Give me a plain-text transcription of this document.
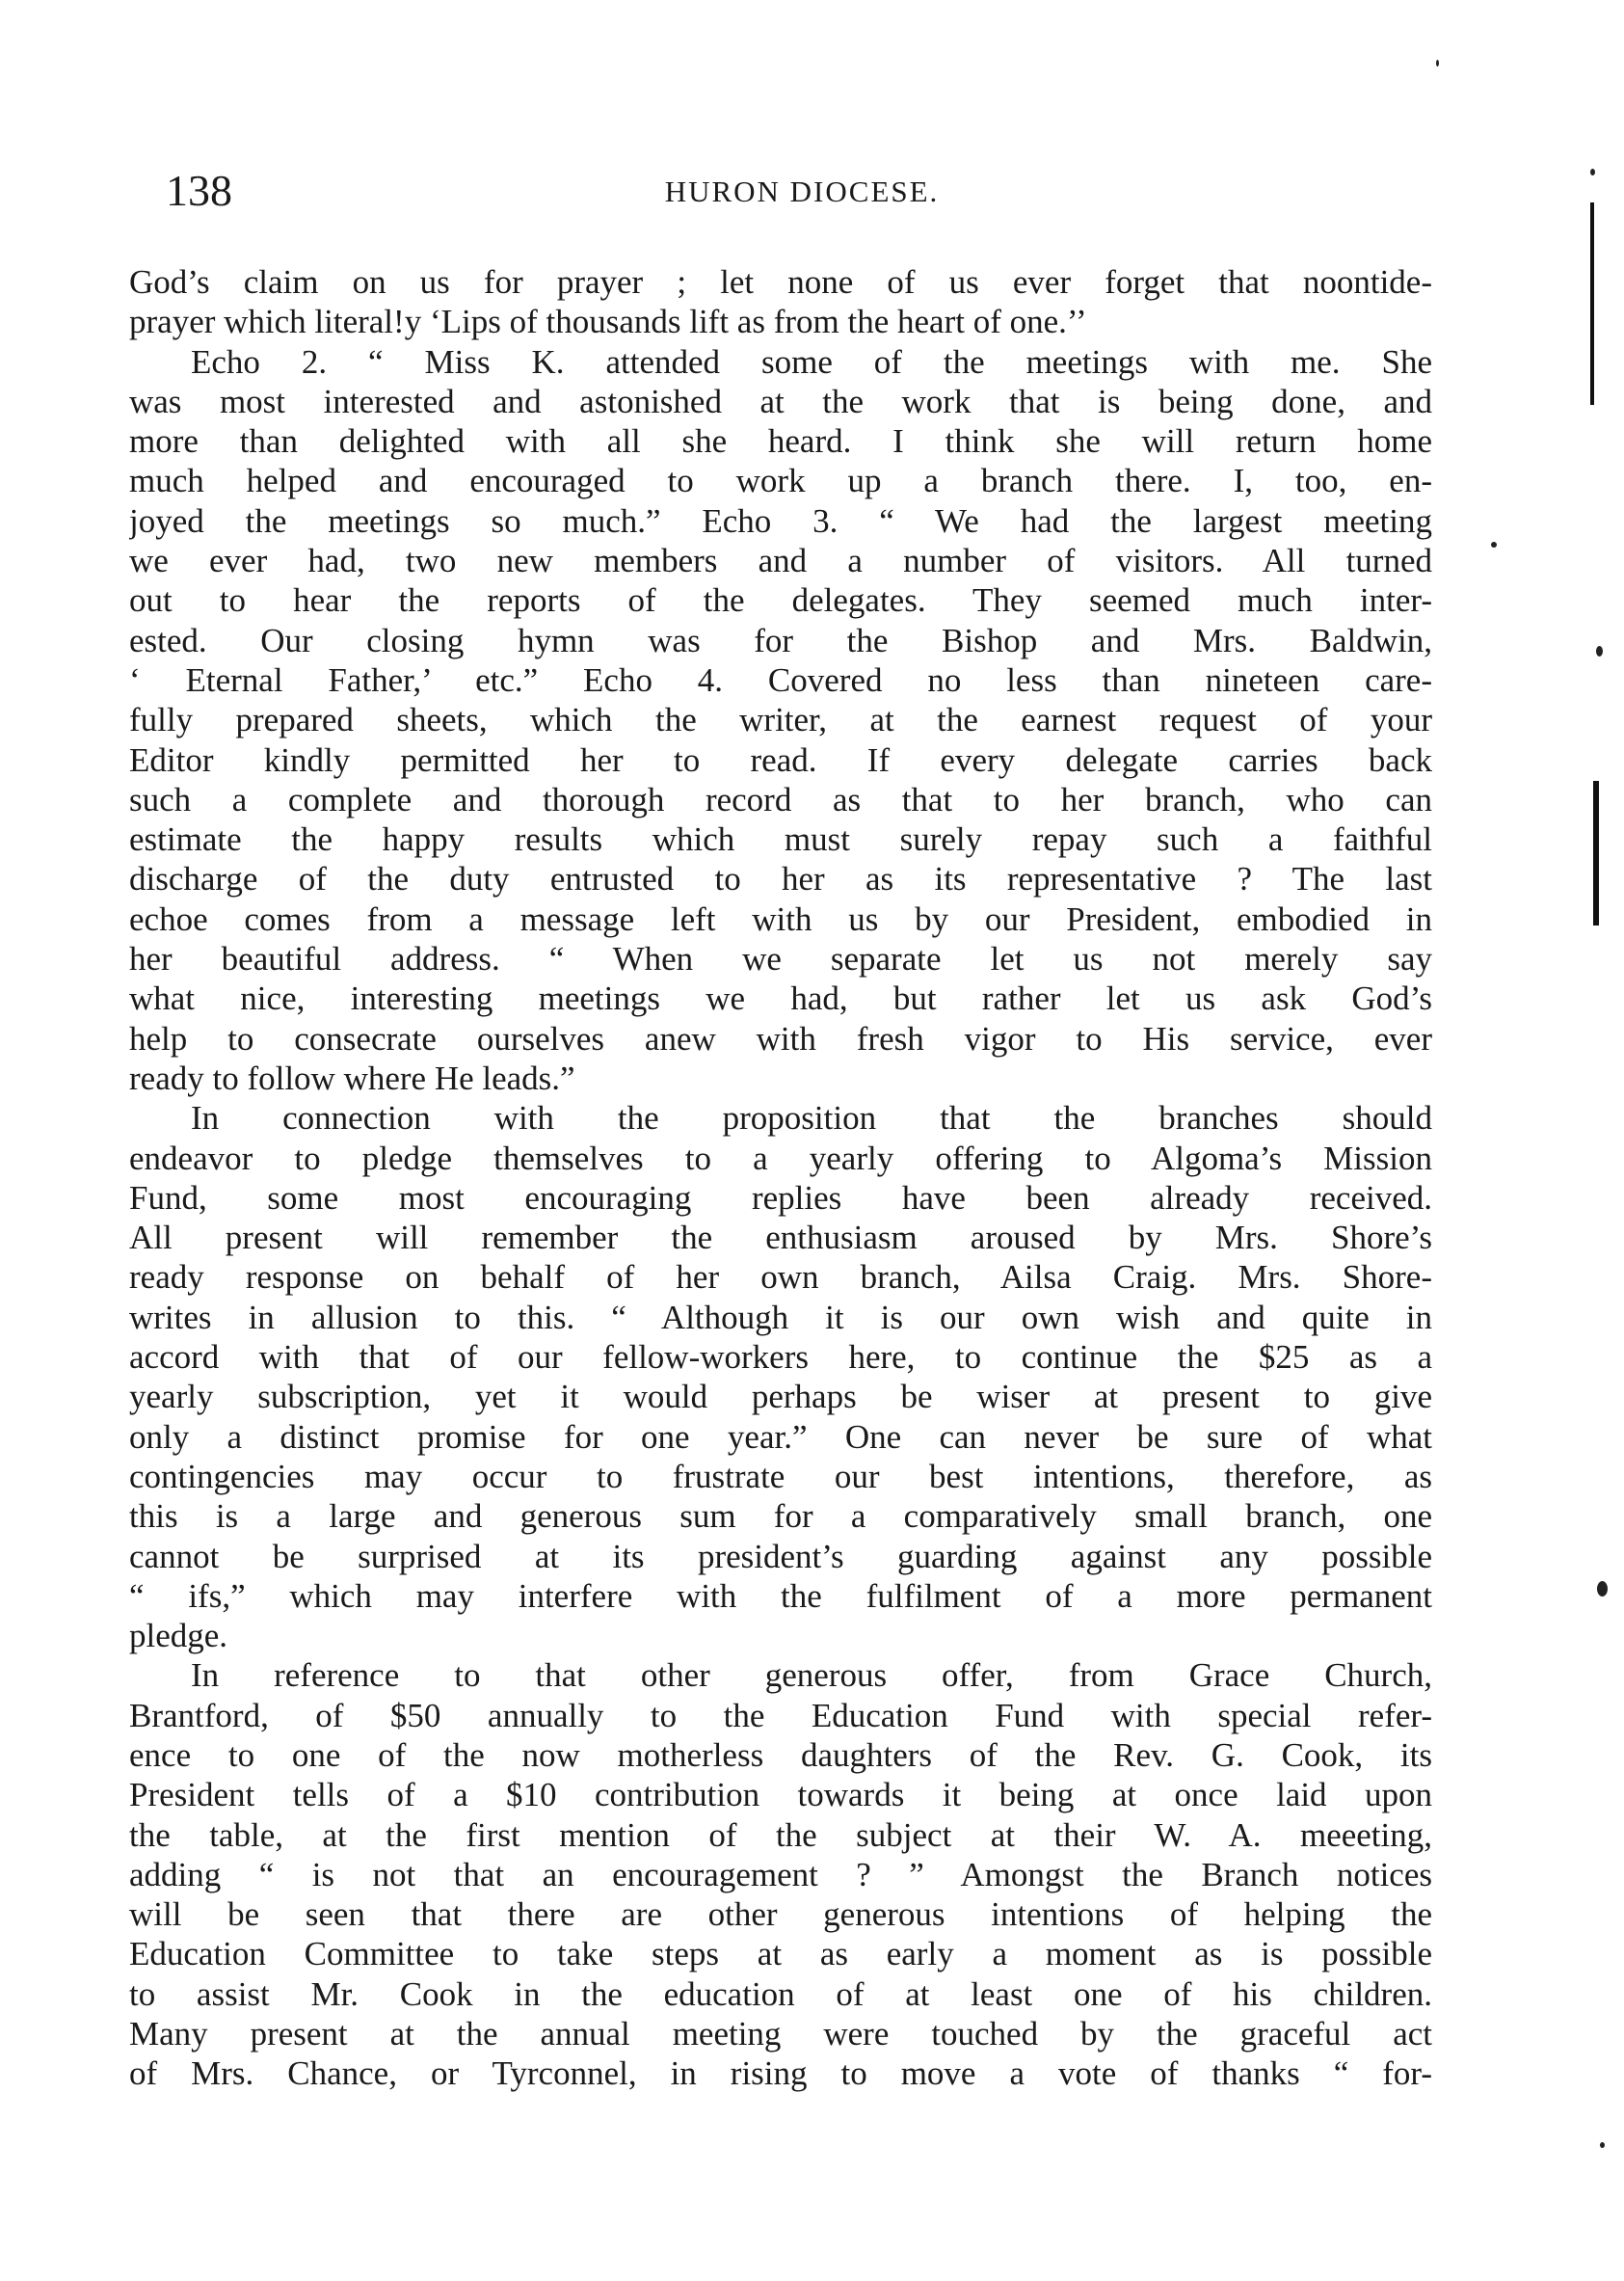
138	HURON DIOCESE.
God’s claim on us for prayer ; let none of us ever forget that noontide-
prayer which literal!y ‘Lips of thousands lift as from the heart of one.’’
Echo 2. “ Miss K. attended some of the meetings with me. She
was most interested and astonished at the work that is being done, and
more than delighted with all she heard. I think she will return home
much helped and encouraged to work up a branch there. I, too, en-
joyed the meetings so much.” Echo 3. “ We had the largest meeting
we ever had, two new members and a number of visitors. All turned
out to hear the reports of the delegates. They seemed much inter-
ested. Our closing hymn was for the Bishop and Mrs. Baldwin,
‘ Eternal Father,’ etc.” Echo 4. Covered no less than nineteen care-
fully prepared sheets, which the writer, at the earnest request of your
Editor kindly permitted her to read. If every delegate carries back
such a complete and thorough record as that to her branch, who can
estimate the happy results which must surely repay such a faithful
discharge of the duty entrusted to her as its representative ? The last
echoe comes from a message left with us by our President, embodied in
her beautiful address. “ When we separate let us not merely say
what nice, interesting meetings we had, but rather let us ask God’s
help to consecrate ourselves anew with fresh vigor to His service, ever
ready to follow where He leads.”
In connection with the proposition that the branches should
endeavor to pledge themselves to a yearly offering to Algoma’s Mission
Fund, some most encouraging replies have been already received.
All present will remember the enthusiasm aroused by Mrs. Shore’s
ready response on behalf of her own branch, Ailsa Craig. Mrs. Shore-
writes in allusion to this. “ Although it is our own wish and quite in
accord with that of our fellow-workers here, to continue the $25 as a
yearly subscription, yet it would perhaps be wiser at present to give
only a distinct promise for one year.” One can never be sure of what
contingencies may occur to frustrate our best intentions, therefore, as
this is a large and generous sum for a comparatively small branch, one
cannot be surprised at its president’s guarding against any possible
“ ifs,” which may interfere with the fulfilment of a more permanent
pledge.
In reference to that other generous offer, from Grace Church,
Brantford, of $50 annually to the Education Fund with special refer-
ence to one of the now motherless daughters of the Rev. G. Cook, its
President tells of a $10 contribution towards it being at once laid upon
the table, at the first mention of the subject at their W. A. meeeting,
adding “ is not that an encouragement ? ” Amongst the Branch notices
will be seen that there are other generous intentions of helping the
Education Committee to take steps at as early a moment as is possible
to assist Mr. Cook in the education of at least one of his children.
Many present at the annual meeting were touched by the graceful act
of Mrs. Chance, or Tyrconnel, in rising to move a vote of thanks “ for-
